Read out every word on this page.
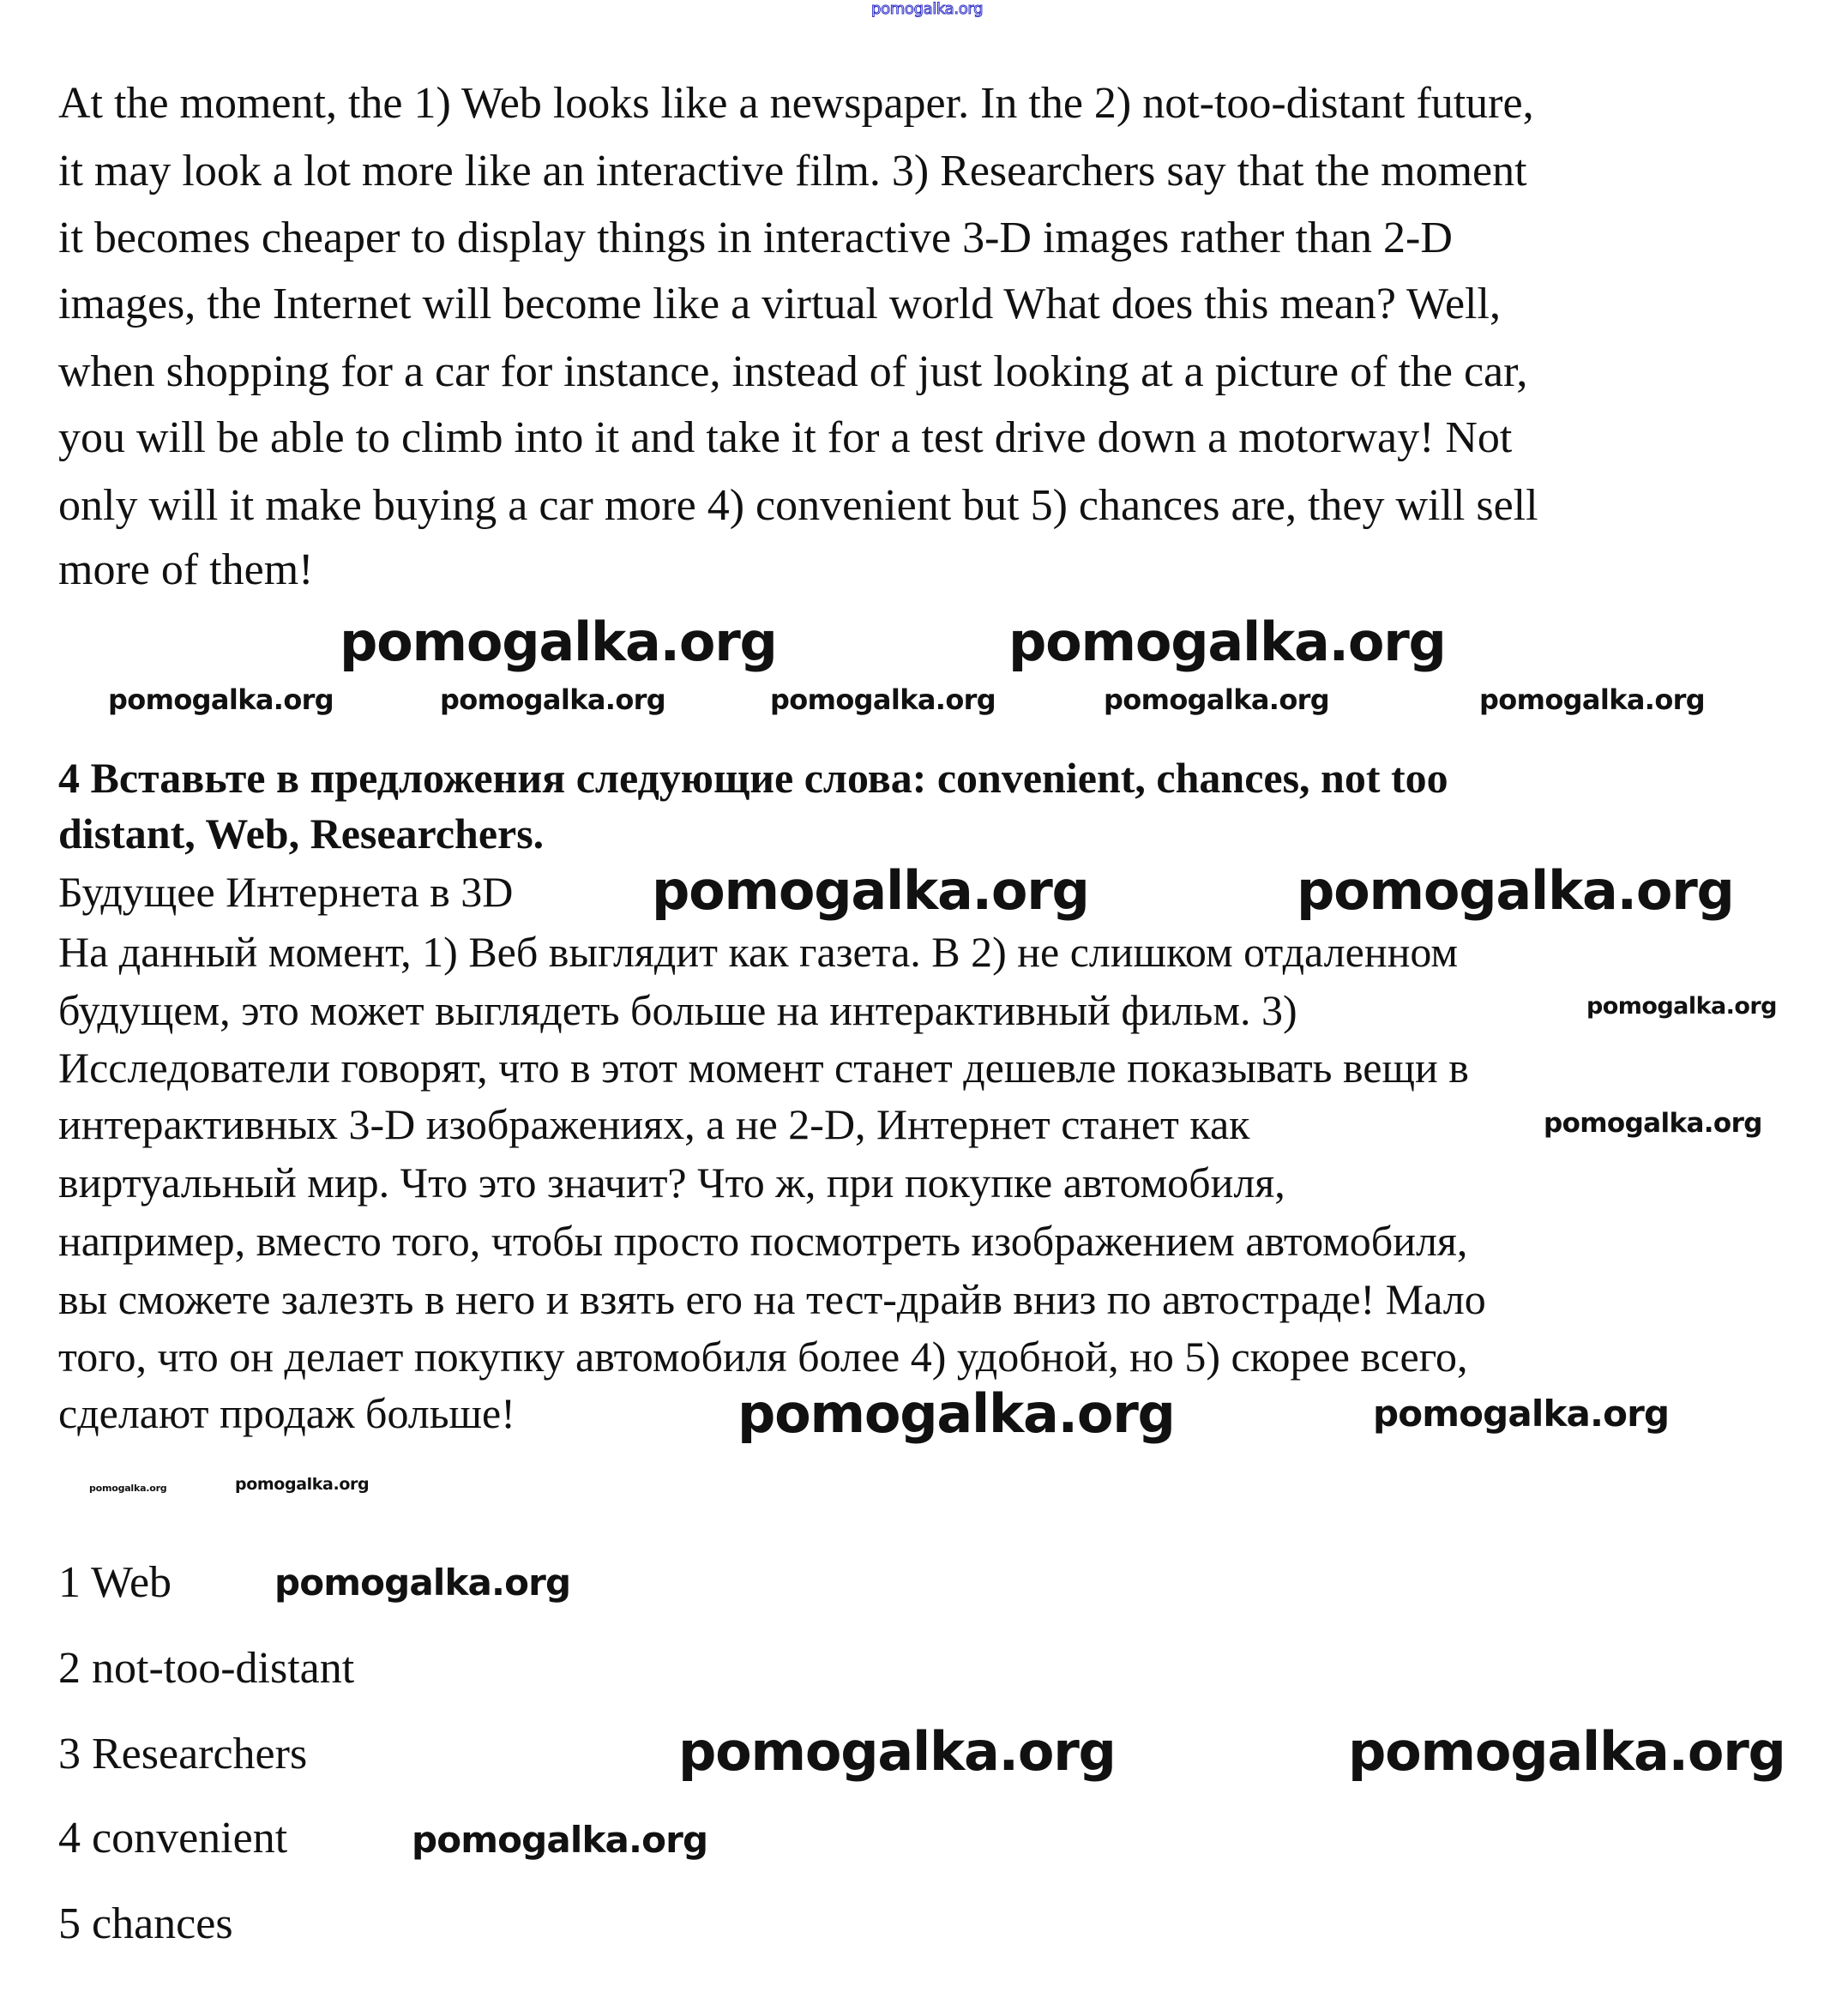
At the moment, the 1) Web looks like a newspaper. In the 2) not-too-distant future,
it may look a lot more like an interactive film. 3) Researchers say that the moment
it becomes cheaper to display things in interactive 3-D images rather than 2-D
images, the Internet will become like a virtual world What does this mean? Well,
when shopping for a car for instance, instead of just looking at a picture of the car,
you will be able to climb into it and take it for a test drive down a motorway! Not
only will it make buying a car more 4) convenient but 5) chances are, they will sell
more of them!
4 Вставьте в предложения следующие слова: convenient, chances, not too
distant, Web, Researchers.
Будущее Интернета в 3D
На данный момент, 1) Веб выглядит как газета. В 2) не слишком отдаленном
будущем, это может выглядеть больше на интерактивный фильм. 3)
Исследователи говорят, что в этот момент станет дешевле показывать вещи в
интерактивных 3-D изображениях, а не 2-D, Интернет станет как
виртуальный мир. Что это значит? Что ж, при покупке автомобиля,
например, вместо того, чтобы просто посмотреть изображением автомобиля,
вы сможете залезть в него и взять его на тест-драйв вниз по автостраде! Мало
того, что он делает покупку автомобиля более 4) удобной, но 5) скорее всего,
сделают продаж больше!
1 Web
2 not-too-distant
3 Researchers
4 convenient
5 chances
pomogalka.org
pomogalka.org	pomogalka.org
pomogalka.org	pomogalka.org	pomogalka.org	pomogalka.org	pomogalka.org
pomogalka.org	pomogalka.org
pomogalka.org
pomogalka.org
pomogalka.org	pomogalka.org
pomogalka.org	pomogalka.org
pomogalka.org
pomogalka.org	pomogalka.org
pomogalka.org
